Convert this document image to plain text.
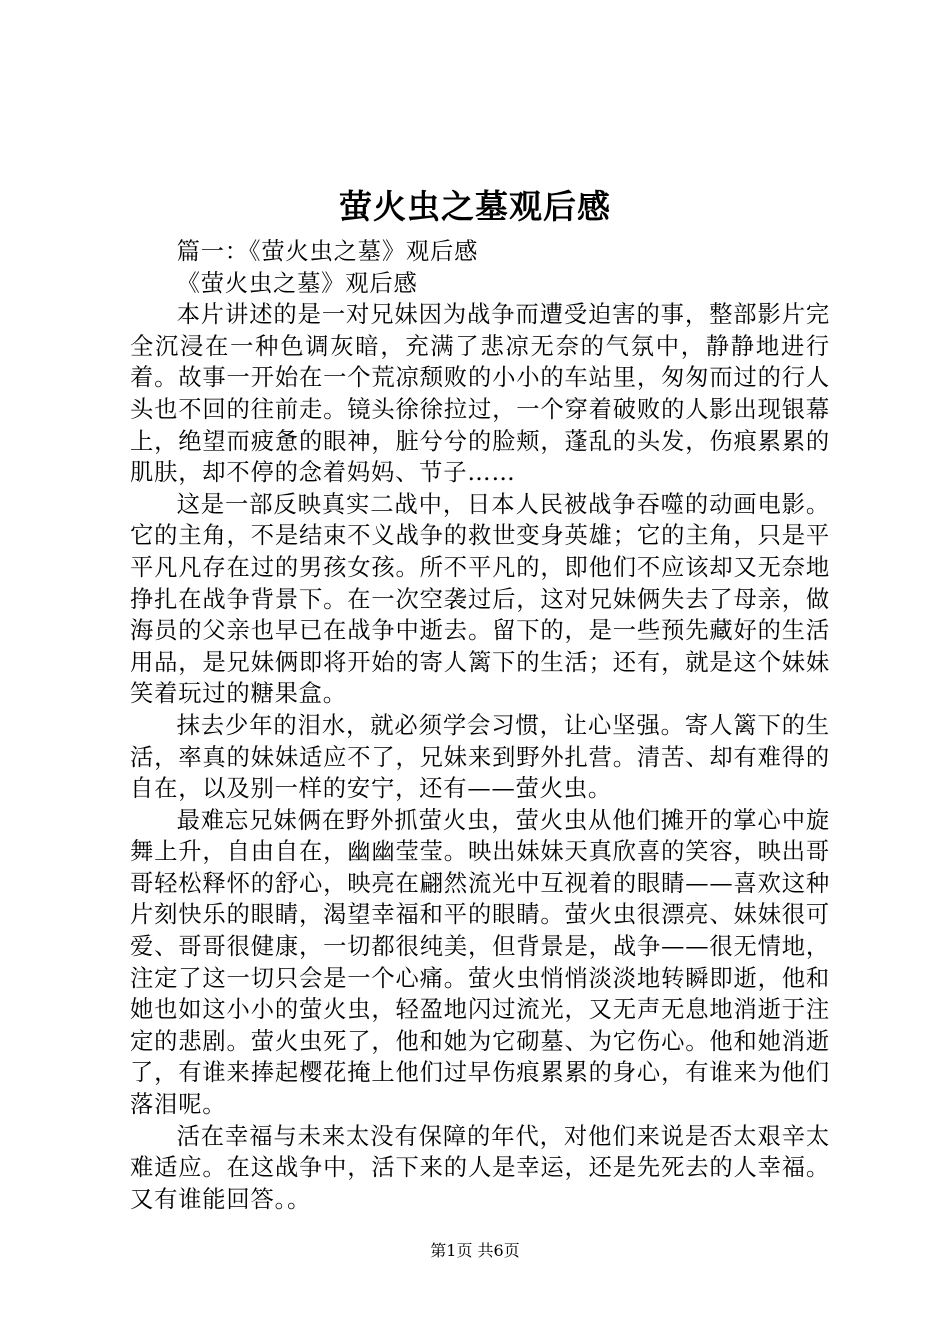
萤火虫之墓观后感

篇一：《萤火虫之墓》观后感

《萤火虫之墓》观后感

本片讲述的是一对兄妹因为战争而遭受迫害的事，整部影片完全沉浸在一种色调灰暗，充满了悲凉无奈的气氛中，静静地进行着。故事一开始在一个荒凉颓败的小小的车站里，匆匆而过的行人头也不回的往前走。镜头徐徐拉过，一个穿着破败的人影出现银幕上，绝望而疲惫的眼神，脏兮兮的脸颊，蓬乱的头发，伤痕累累的肌肤，却不停的念着妈妈、节子……

这是一部反映真实二战中，日本人民被战争吞噬的动画电影。它的主角，不是结束不义战争的救世变身英雄；它的主角，只是平平凡凡存在过的男孩女孩。所不平凡的，即他们不应该却又无奈地挣扎在战争背景下。在一次空袭过后，这对兄妹俩失去了母亲，做海员的父亲也早已在战争中逝去。留下的，是一些预先藏好的生活用品，是兄妹俩即将开始的寄人篱下的生活；还有，就是这个妹妹笑着玩过的糖果盒。

抹去少年的泪水，就必须学会习惯，让心坚强。寄人篱下的生活，率真的妹妹适应不了，兄妹来到野外扎营。清苦、却有难得的自在，以及别一样的安宁，还有——萤火虫。

最难忘兄妹俩在野外抓萤火虫，萤火虫从他们摊开的掌心中旋舞上升，自由自在，幽幽莹莹。映出妹妹天真欣喜的笑容，映出哥哥轻松释怀的舒心，映亮在翩然流光中互视着的眼睛——喜欢这种片刻快乐的眼睛，渴望幸福和平的眼睛。萤火虫很漂亮、妹妹很可爱、哥哥很健康，一切都很纯美，但背景是，战争——很无情地，注定了这一切只会是一个心痛。萤火虫悄悄淡淡地转瞬即逝，他和她也如这小小的萤火虫，轻盈地闪过流光，又无声无息地消逝于注定的悲剧。萤火虫死了，他和她为它砌墓、为它伤心。他和她消逝了，有谁来捧起樱花掩上他们过早伤痕累累的身心，有谁来为他们落泪呢。

活在幸福与未来太没有保障的年代，对他们来说是否太艰辛太难适应。在这战争中，活下来的人是幸运，还是先死去的人幸福。又有谁能回答。。

第1页 共6页
